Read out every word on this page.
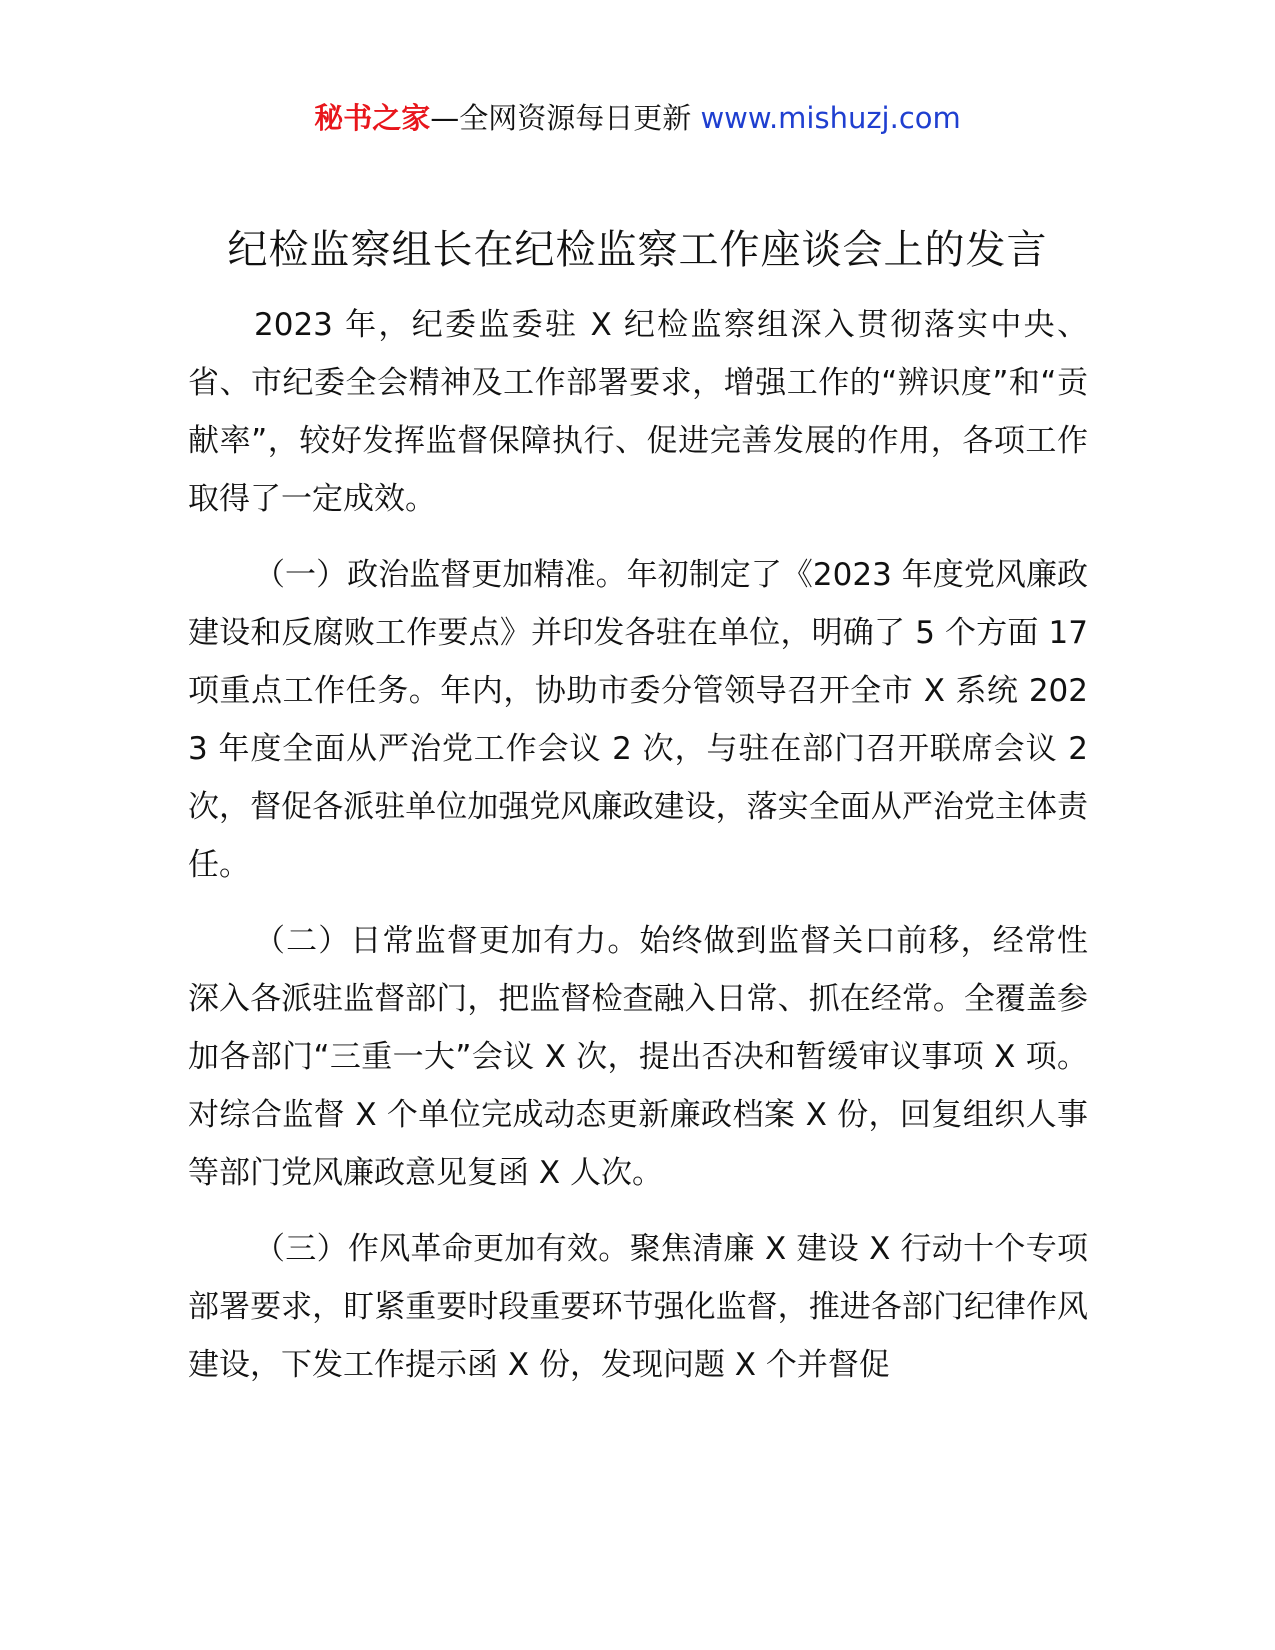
秘书之家—全网资源每日更新 www.mishuzj.com
纪检监察组长在纪检监察工作座谈会上的发言

2023 年，纪委监委驻 X 纪检监察组深入贯彻落实中央、省、市纪委全会精神及工作部署要求，增强工作的“辨识度”和“贡献率”，较好发挥监督保障执行、促进完善发展的作用，各项工作取得了一定成效。

（一）政治监督更加精准。年初制定了《2023 年度党风廉政建设和反腐败工作要点》并印发各驻在单位，明确了 5 个方面 17 项重点工作任务。年内，协助市委分管领导召开全市 X 系统 2023 年度全面从严治党工作会议 2 次，与驻在部门召开联席会议 2 次，督促各派驻单位加强党风廉政建设，落实全面从严治党主体责任。

（二）日常监督更加有力。始终做到监督关口前移，经常性深入各派驻监督部门，把监督检查融入日常、抓在经常。全覆盖参加各部门“三重一大”会议 X 次，提出否决和暂缓审议事项 X 项。对综合监督 X 个单位完成动态更新廉政档案 X 份，回复组织人事等部门党风廉政意见复函 X 人次。

（三）作风革命更加有效。聚焦清廉 X 建设 X 行动十个专项部署要求，盯紧重要时段重要环节强化监督，推进各部门纪律作风建设，下发工作提示函 X 份，发现问题 X 个并督促
